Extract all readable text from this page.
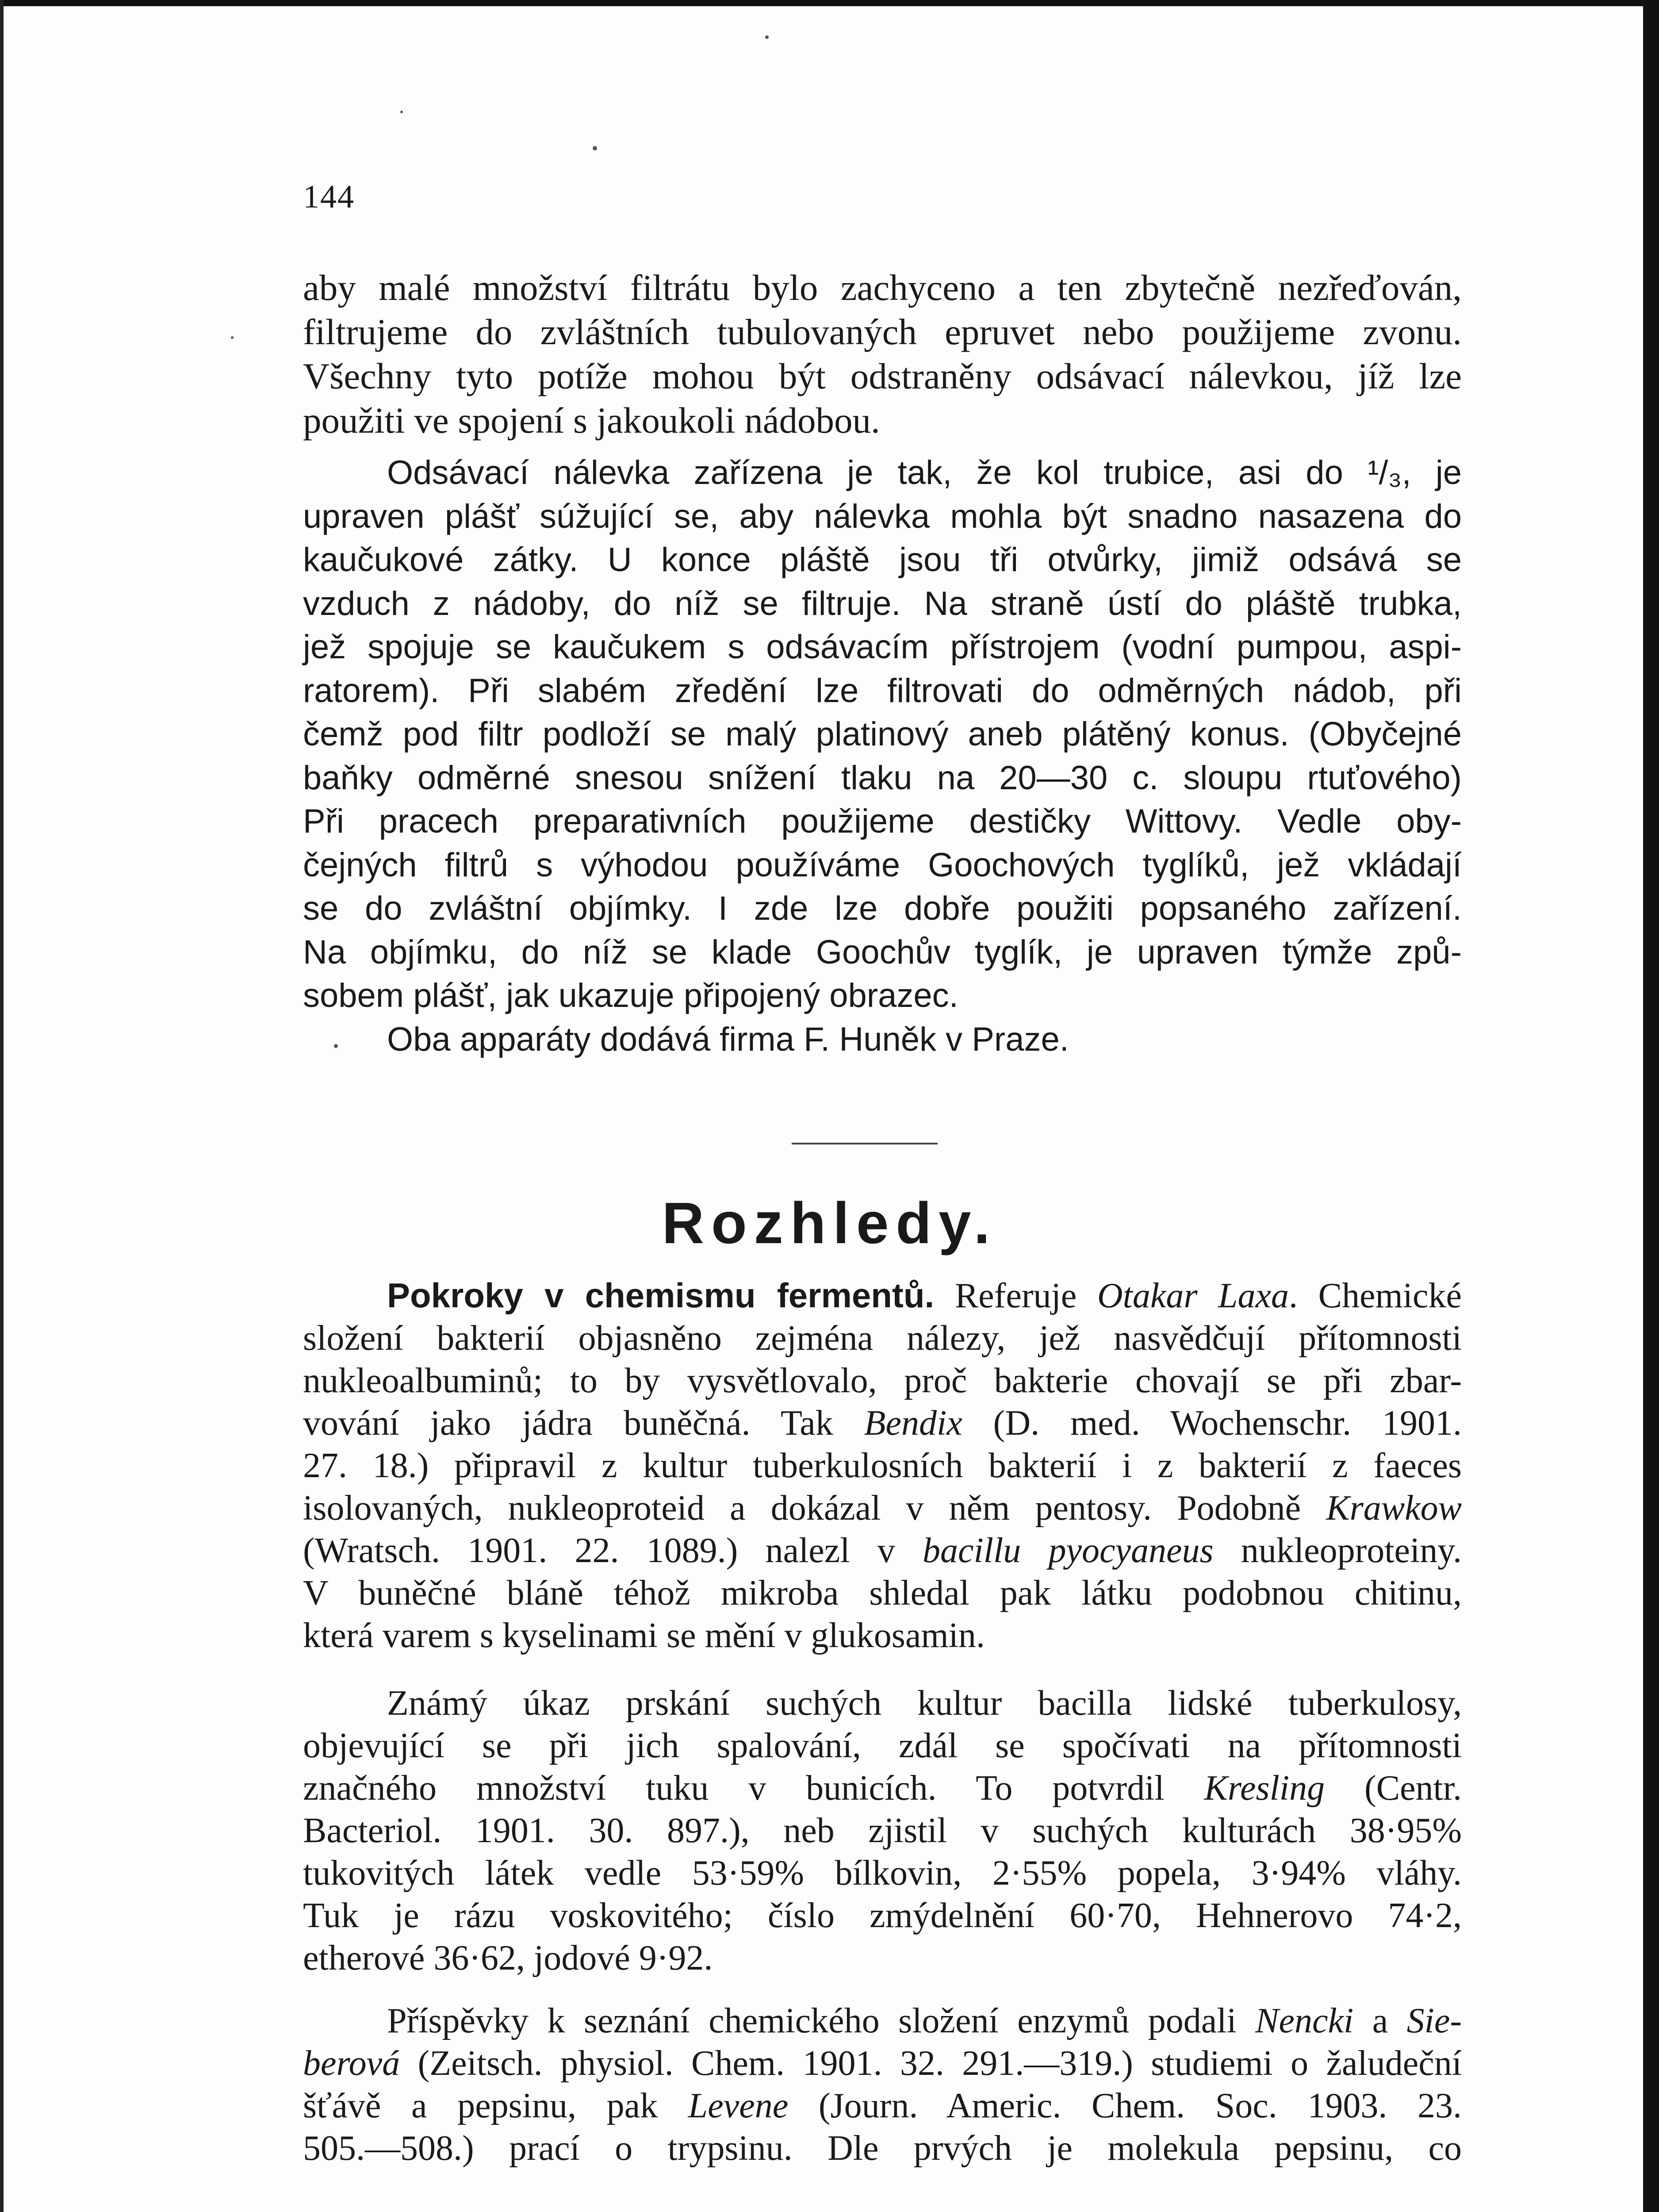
144

aby malé množství filtrátu bylo zachyceno a ten zbytečně nezřeďován,

filtrujeme do zvláštních tubulovaných epruvet nebo použijeme zvonu.

Všechny tyto potíže mohou být odstraněny odsávací nálevkou, jíž lze

použiti ve spojení s jakoukoli nádobou.

Odsávací nálevka zařízena je tak, že kol trubice, asi do ¹/₃, je

upraven plášť súžující se, aby nálevka mohla být snadno nasazena do

kaučukové zátky. U konce pláště jsou tři otvůrky, jimiž odsává se

vzduch z nádoby, do níž se filtruje. Na straně ústí do pláště trubka,

jež spojuje se kaučukem s odsávacím přístrojem (vodní pumpou, aspi-

ratorem). Při slabém zředění lze filtrovati do odměrných nádob, při

čemž pod filtr podloží se malý platinový aneb plátěný konus. (Obyčejné

baňky odměrné snesou snížení tlaku na 20—30 c. sloupu rtuťového)

Při pracech preparativních použijeme destičky Wittovy. Vedle oby-

čejných filtrů s výhodou používáme Goochových tyglíků, jež vkládají

se do zvláštní objímky. I zde lze dobře použiti popsaného zařízení.

Na objímku, do níž se klade Goochův tyglík, je upraven týmže způ-

sobem plášť, jak ukazuje připojený obrazec.

Oba apparáty dodává firma F. Huněk v Praze.

Rozhledy.

Pokroky v chemismu fermentů. Referuje Otakar Laxa. Chemické

složení bakterií objasněno zejména nálezy, jež nasvědčují přítomnosti

nukleoalbuminů; to by vysvětlovalo, proč bakterie chovají se při zbar-

vování jako jádra buněčná. Tak Bendix (D. med. Wochenschr. 1901.

27. 18.) připravil z kultur tuberkulosních bakterií i z bakterií z faeces

isolovaných, nukleoproteid a dokázal v něm pentosy. Podobně Krawkow

(Wratsch. 1901. 22. 1089.) nalezl v bacillu pyocyaneus nukleoproteiny.

V buněčné bláně téhož mikroba shledal pak látku podobnou chitinu,

která varem s kyselinami se mění v glukosamin.

Známý úkaz prskání suchých kultur bacilla lidské tuberkulosy,

objevující se při jich spalování, zdál se spočívati na přítomnosti

značného množství tuku v bunicích. To potvrdil Kresling (Centr.

Bacteriol. 1901. 30. 897.), neb zjistil v suchých kulturách 38·95%

tukovitých látek vedle 53·59% bílkovin, 2·55% popela, 3·94% vláhy.

Tuk je rázu voskovitého; číslo zmýdelnění 60·70, Hehnerovo 74·2,

etherové 36·62, jodové 9·92.

Příspěvky k seznání chemického složení enzymů podali Nencki a Sie-

berová (Zeitsch. physiol. Chem. 1901. 32. 291.—319.) studiemi o žaludeční

šťávě a pepsinu, pak Levene (Journ. Americ. Chem. Soc. 1903. 23.

505.—508.) prací o trypsinu. Dle prvých je molekula pepsinu, co
